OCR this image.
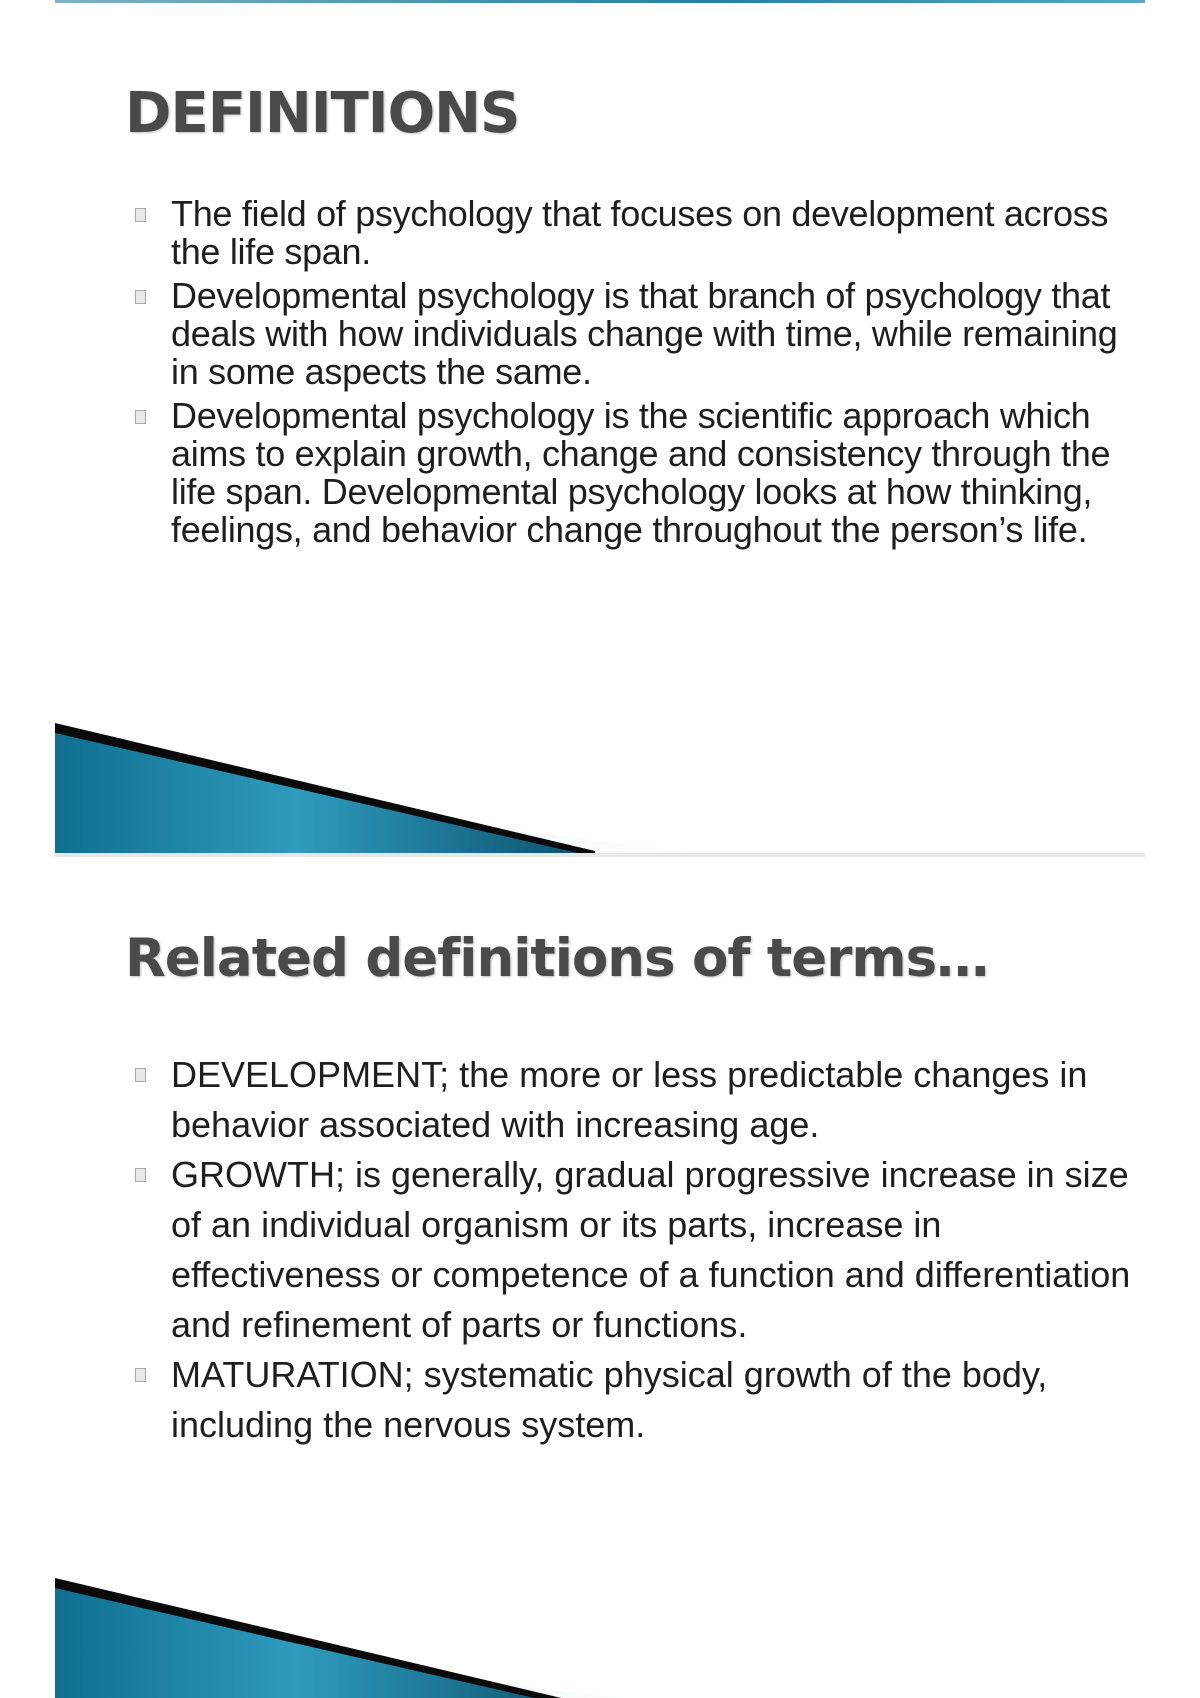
DEFINITIONS
The field of psychology that focuses on development across the life span.
Developmental psychology is that branch of psychology that deals with how individuals change with time, while remaining in some aspects the same.
Developmental psychology is the scientific approach which aims to explain growth, change and consistency through the life span. Developmental psychology looks at how thinking, feelings, and behavior change throughout the person’s life.
Related definitions of terms…
DEVELOPMENT; the more or less predictable changes in behavior associated with increasing age.
GROWTH; is generally, gradual progressive increase in size of an individual organism or its parts, increase in effectiveness or competence of a function and differentiation and refinement of parts or functions.
MATURATION; systematic physical growth of the body, including the nervous system.
